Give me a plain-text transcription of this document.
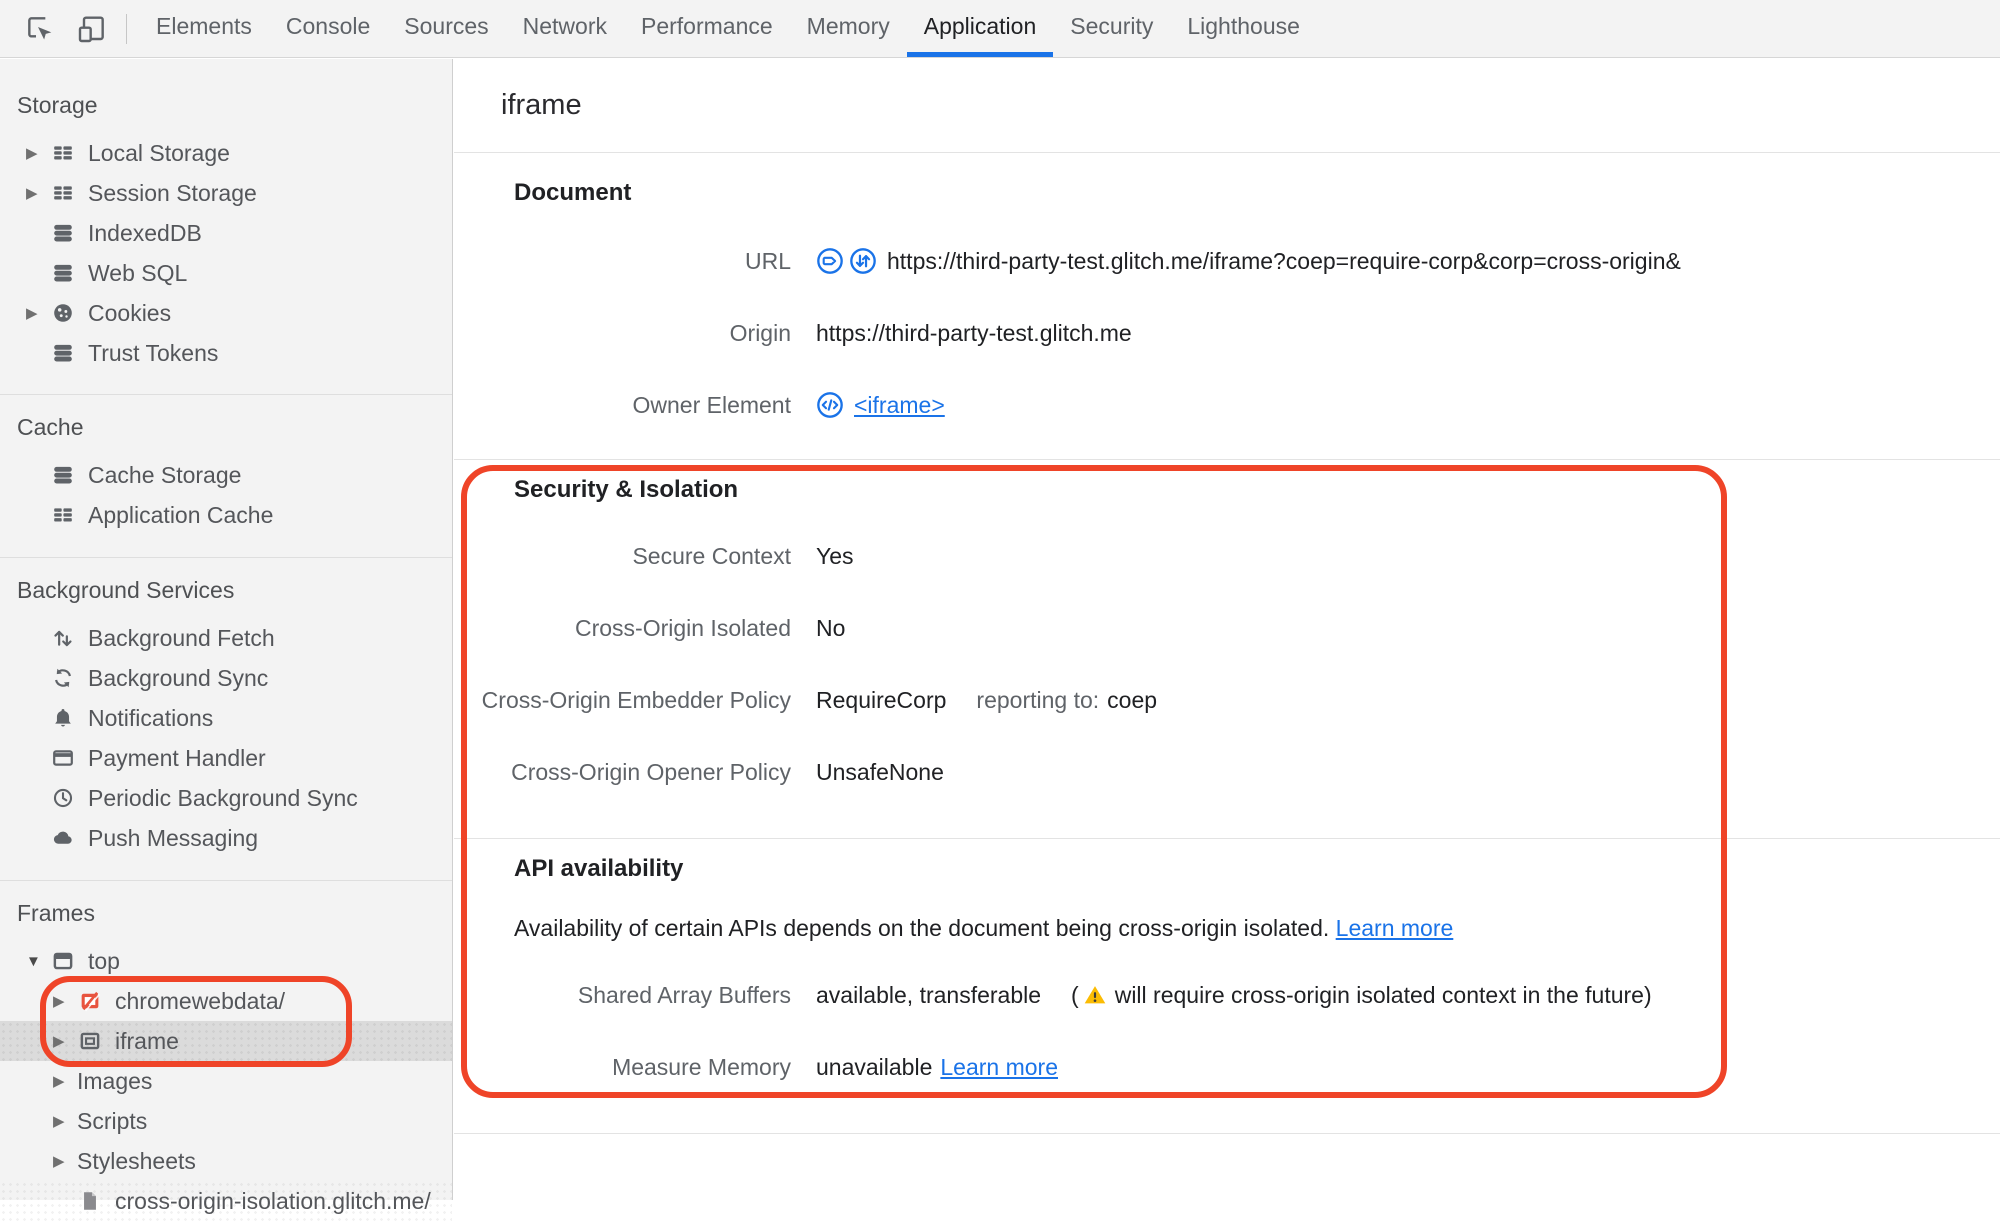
Elements	Console	Sources	Network	Performance	Memory	Application	Security	Lighthouse
Storage
▶	Local Storage
▶	Session Storage
IndexedDB
Web SQL
▶	Cookies
Trust Tokens
Cache
Cache Storage
Application Cache
Background Services
Background Fetch
Background Sync
Notifications
Payment Handler
Periodic Background Sync
Push Messaging
Frames
▼	top
▶	chromewebdata/
▶	iframe
▶ Images
▶ Scripts
▶ Stylesheets
cross-origin-isolation.glitch.me/
iframe
Document
URL	https://third-party-test.glitch.me/iframe?coep=require-corp&corp=cross-origin&
Origin https://third-party-test.glitch.me
Owner Element	<iframe>
Security & Isolation
Secure Context Yes
Cross-Origin Isolated No
Cross-Origin Embedder Policy RequireCorp reporting to: coep
Cross-Origin Opener Policy UnsafeNone
API availability
Availability of certain APIs depends on the document being cross-origin isolated. Learn more
Shared Array Buffers available, transferable ( will require cross-origin isolated context in the future)
Measure Memory unavailable Learn more
